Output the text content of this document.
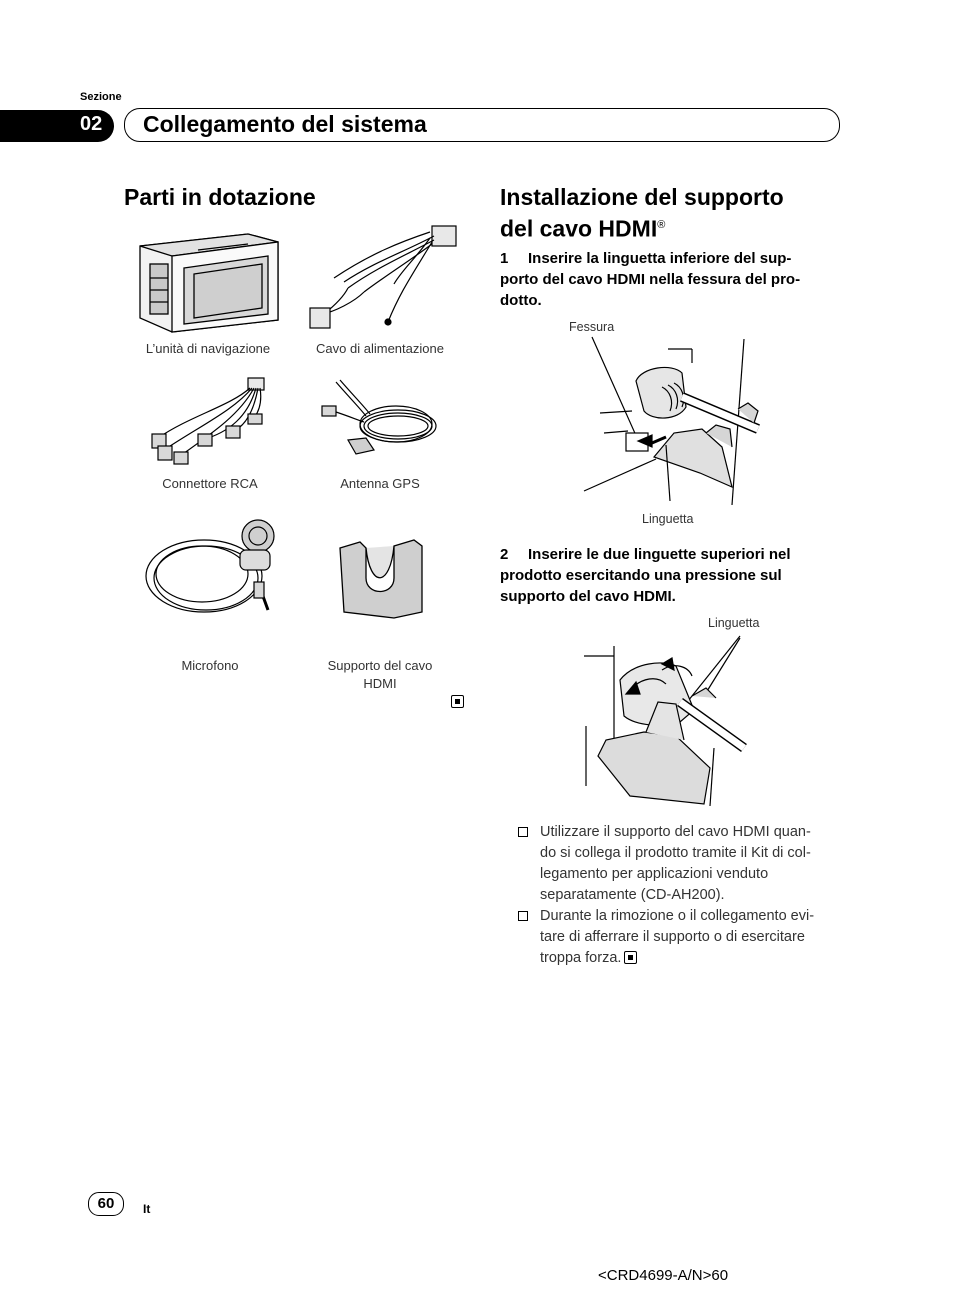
Sezione
02	Collegamento del sistema
Parti in dotazione
L’unità di navigazione	Cavo di alimentazione
Connettore RCA	Antenna GPS
Microfono	Supporto del cavo
HDMI
Installazione del supporto
del cavo HDMI®
1 Inserire la linguetta inferiore del sup-
porto del cavo HDMI nella fessura del pro-
dotto.
Fessura
Linguetta
2 Inserire le due linguette superiori nel
prodotto esercitando una pressione sul
supporto del cavo HDMI.
Linguetta
Utilizzare il supporto del cavo HDMI quan-
do si collega il prodotto tramite il Kit di col-
legamento per applicazioni venduto
separatamente (CD-AH200).
Durante la rimozione o il collegamento evi-
tare di afferrare il supporto o di esercitare
troppa forza.
60	It
<CRD4699-A/N>60
